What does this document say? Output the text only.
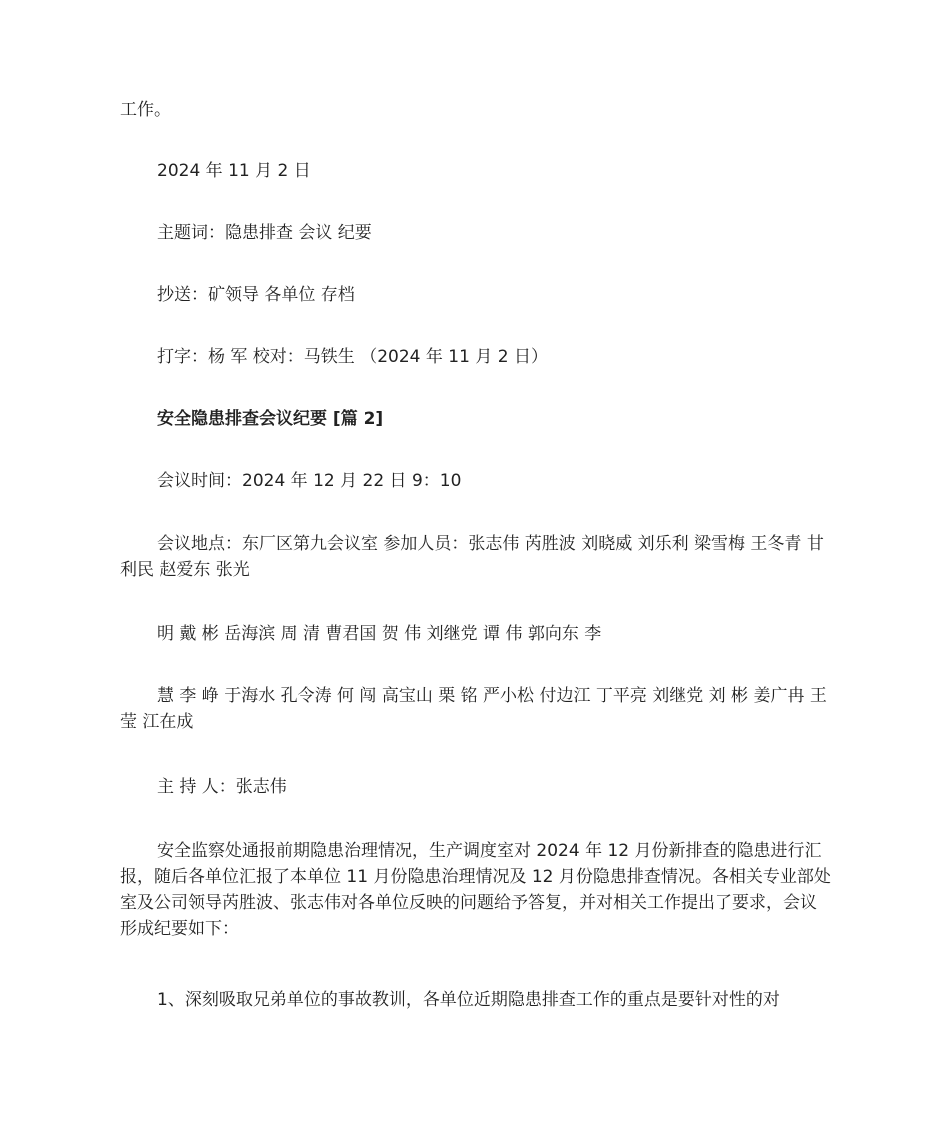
工作。
2024 年 11 月 2 日
主题词：隐患排查 会议 纪要
抄送：矿领导 各单位 存档
打字：杨 军 校对：马铁生 （2024 年 11 月 2 日）
安全隐患排查会议纪要 [篇 2]
会议时间：2024 年 12 月 22 日 9：10
会议地点：东厂区第九会议室 参加人员：张志伟 芮胜波 刘晓威 刘乐利 梁雪梅 王冬青 甘利民 赵爱东 张光
明 戴 彬 岳海滨 周 清 曹君国 贺 伟 刘继党 谭 伟 郭向东 李
慧 李 峥 于海水 孔令涛 何 闯 高宝山 栗 铭 严小松 付边江 丁平亮 刘继党 刘 彬 姜广冉 王 莹 江在成
主 持 人：张志伟
安全监察处通报前期隐患治理情况，生产调度室对 2024 年 12 月份新排查的隐患进行汇报，随后各单位汇报了本单位 11 月份隐患治理情况及 12 月份隐患排查情况。各相关专业部处室及公司领导芮胜波、张志伟对各单位反映的问题给予答复，并对相关工作提出了要求，会议形成纪要如下：
1、深刻吸取兄弟单位的事故教训，各单位近期隐患排查工作的重点是要针对性的对
